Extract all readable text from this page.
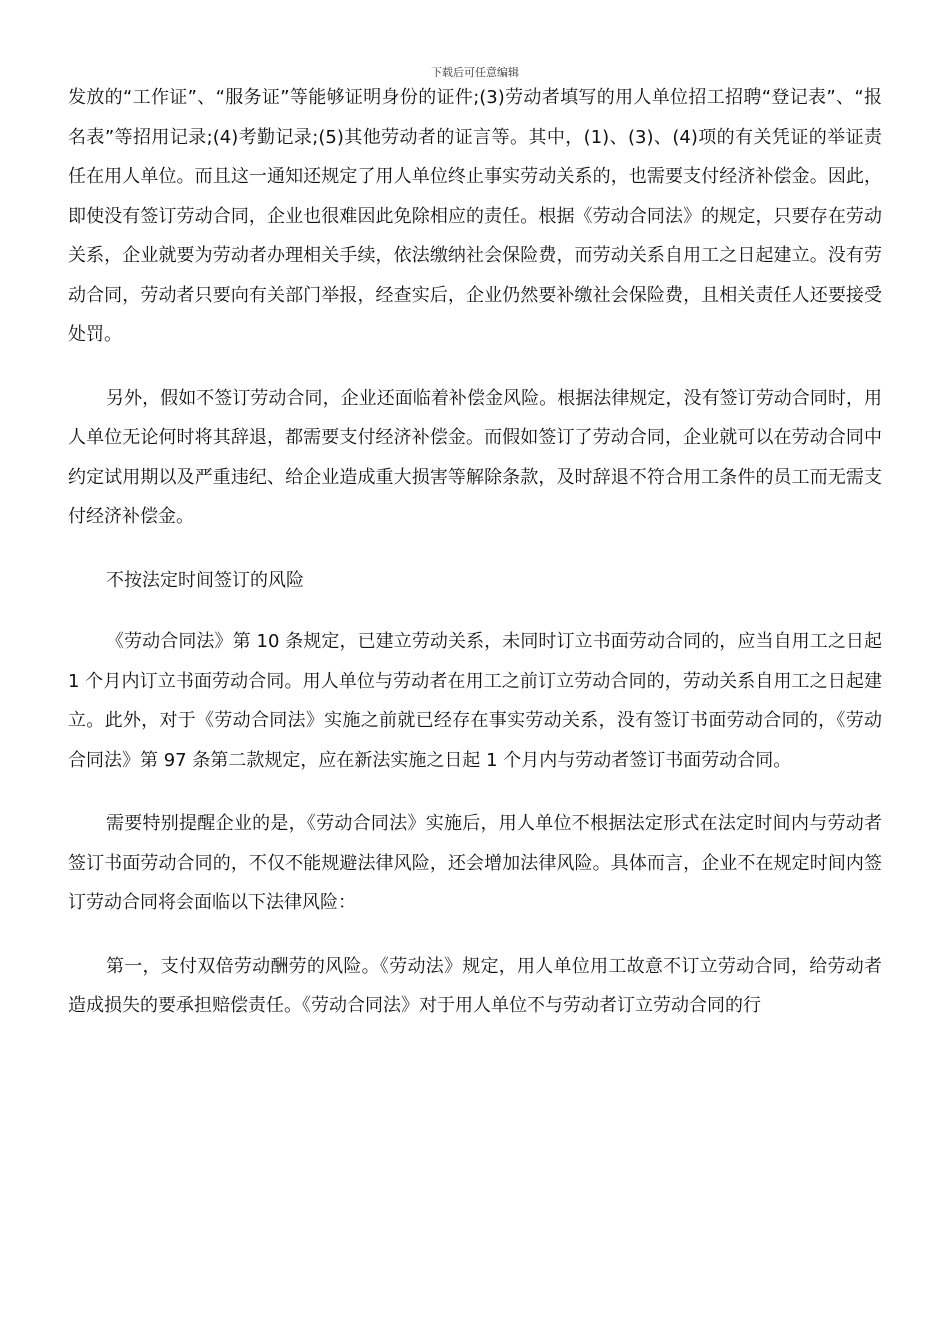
下载后可任意编辑

发放的“工作证”、“服务证”等能够证明身份的证件;(3)劳动者填写的用人单位招工招聘“登记表”、“报名表”等招用记录;(4)考勤记录;(5)其他劳动者的证言等。其中，(1)、(3)、(4)项的有关凭证的举证责任在用人单位。而且这一通知还规定了用人单位终止事实劳动关系的，也需要支付经济补偿金。因此，即使没有签订劳动合同，企业也很难因此免除相应的责任。根据《劳动合同法》的规定，只要存在劳动关系，企业就要为劳动者办理相关手续，依法缴纳社会保险费，而劳动关系自用工之日起建立。没有劳动合同，劳动者只要向有关部门举报，经查实后，企业仍然要补缴社会保险费，且相关责任人还要接受处罚。

另外，假如不签订劳动合同，企业还面临着补偿金风险。根据法律规定，没有签订劳动合同时，用人单位无论何时将其辞退，都需要支付经济补偿金。而假如签订了劳动合同，企业就可以在劳动合同中约定试用期以及严重违纪、给企业造成重大损害等解除条款，及时辞退不符合用工条件的员工而无需支付经济补偿金。

不按法定时间签订的风险

《劳动合同法》第 10 条规定，已建立劳动关系，未同时订立书面劳动合同的，应当自用工之日起 1 个月内订立书面劳动合同。用人单位与劳动者在用工之前订立劳动合同的，劳动关系自用工之日起建立。此外，对于《劳动合同法》实施之前就已经存在事实劳动关系，没有签订书面劳动合同的，《劳动合同法》第 97 条第二款规定，应在新法实施之日起 1 个月内与劳动者签订书面劳动合同。

需要特别提醒企业的是，《劳动合同法》实施后，用人单位不根据法定形式在法定时间内与劳动者签订书面劳动合同的，不仅不能规避法律风险，还会增加法律风险。具体而言，企业不在规定时间内签订劳动合同将会面临以下法律风险：

第一，支付双倍劳动酬劳的风险。《劳动法》规定，用人单位用工故意不订立劳动合同，给劳动者造成损失的要承担赔偿责任。《劳动合同法》对于用人单位不与劳动者订立劳动合同的行
